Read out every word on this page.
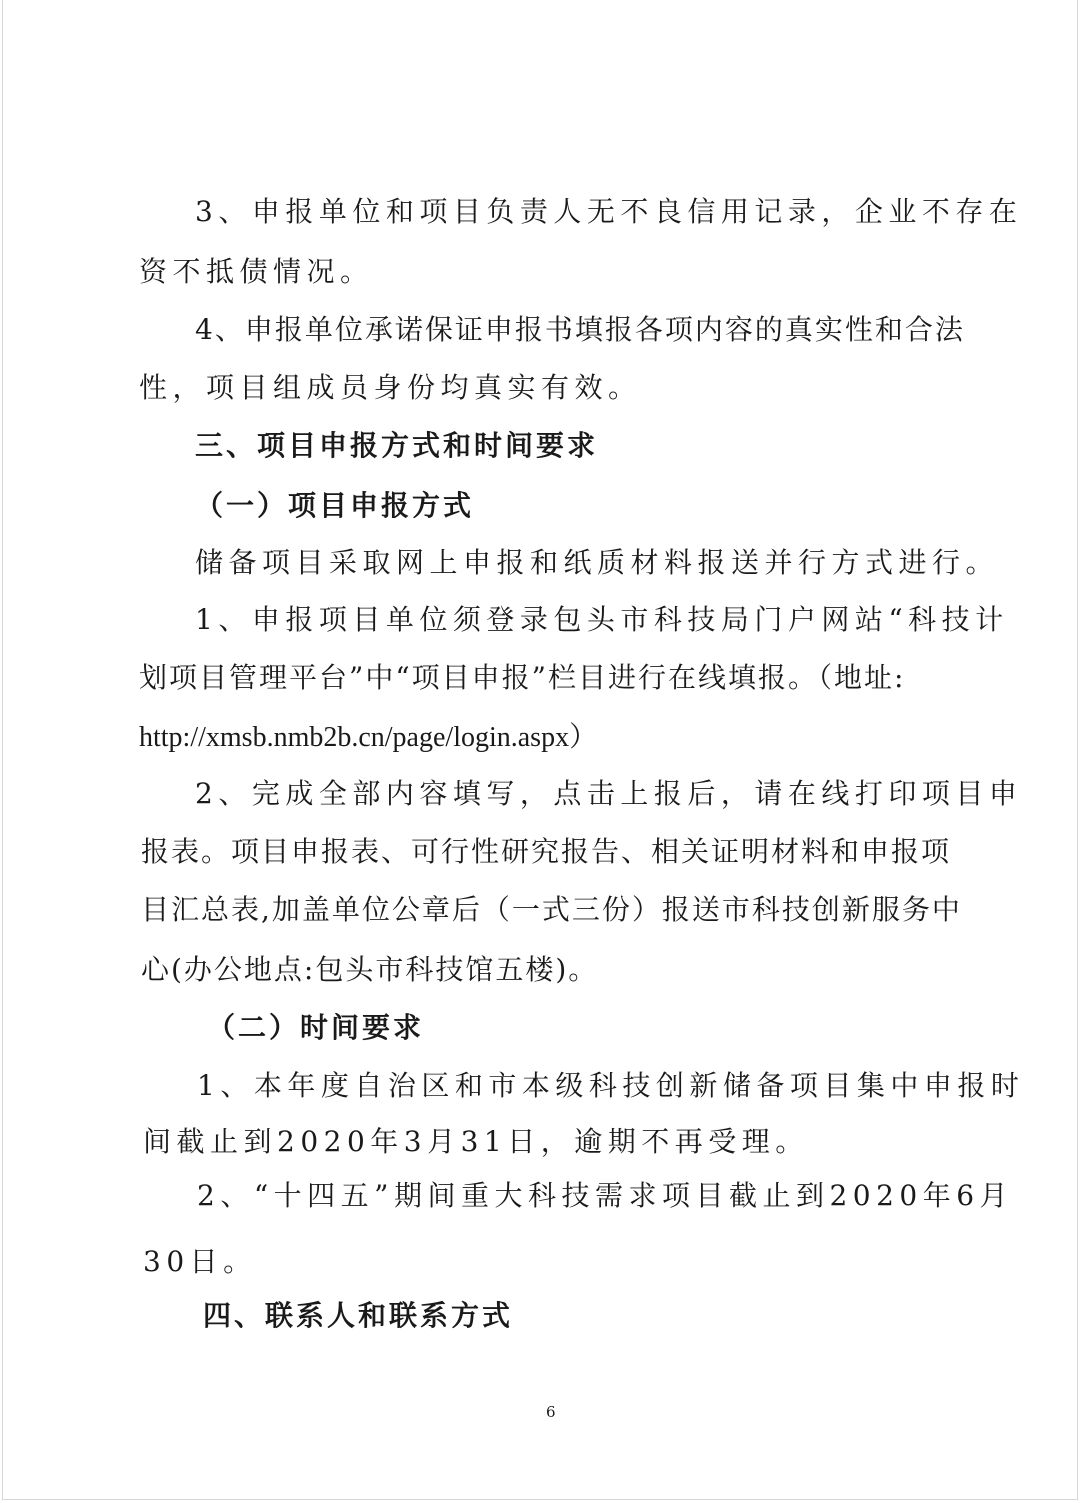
3、申报单位和项目负责人无不良信用记录，企业不存在
资不抵债情况。
4、申报单位承诺保证申报书填报各项内容的真实性和合法
性，项目组成员身份均真实有效。
三、项目申报方式和时间要求
（一）项目申报方式
储备项目采取网上申报和纸质材料报送并行方式进行。
1、申报项目单位须登录包头市科技局门户网站“科技计
划项目管理平台”中“项目申报”栏目进行在线填报。（地址:
http://xmsb.nmb2b.cn/page/login.aspx）
2、完成全部内容填写，点击上报后，请在线打印项目申
报表。项目申报表、可行性研究报告、相关证明材料和申报项
目汇总表,加盖单位公章后（一式三份）报送市科技创新服务中
心(办公地点:包头市科技馆五楼)。
（二）时间要求
1、本年度自治区和市本级科技创新储备项目集中申报时
间截止到2020年3月31日，逾期不再受理。
2、“十四五”期间重大科技需求项目截止到2020年6月
30日。
四、联系人和联系方式
6
